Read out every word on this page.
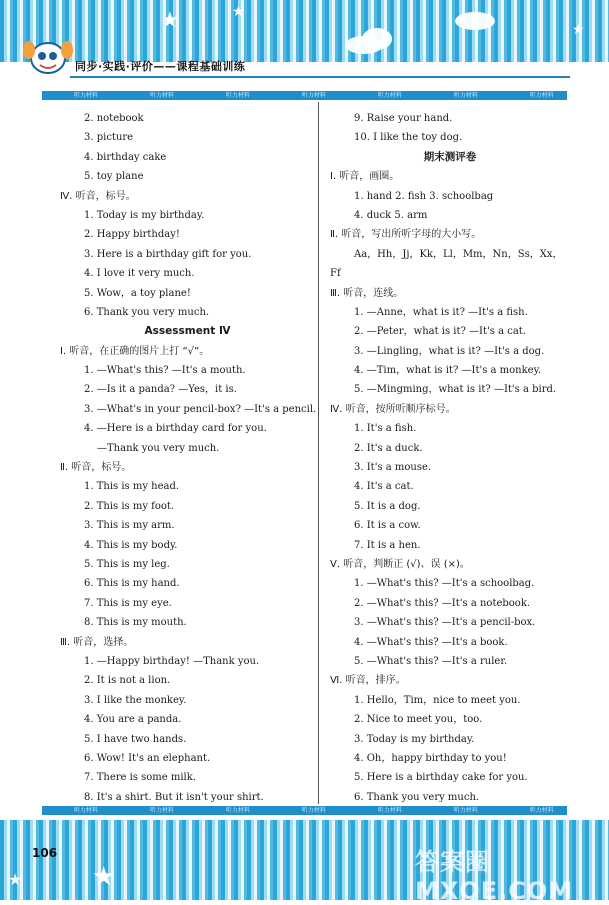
★	★
★
同步·实践·评价——课程基础训练
听力材料	听力材料	听力材料	听力材料	听力材料	听力材料	听力材料
2. notebook
3. picture
4. birthday cake
5. toy plane
Ⅳ. 听音，标号。
1. Today is my birthday.
2. Happy birthday!
3. Here is a birthday gift for you.
4. I love it very much.
5. Wow，a toy plane!
6. Thank you very much.
Assessment Ⅳ
Ⅰ. 听音，在正确的图片上打 “√”。
1. —What's this? —It's a mouth.
2. —Is it a panda? —Yes，it is.
3. —What's in your pencil-box? —It's a pencil.
4. —Here is a birthday card for you.
—Thank you very much.
Ⅱ. 听音，标号。
1. This is my head.
2. This is my foot.
3. This is my arm.
4. This is my body.
5. This is my leg.
6. This is my hand.
7. This is my eye.
8. This is my mouth.
Ⅲ. 听音，选择。
1. —Happy birthday! —Thank you.
2. It is not a lion.
3. I like the monkey.
4. You are a panda.
5. I have two hands.
6. Wow! It's an elephant.
7. There is some milk.
8. It's a shirt. But it isn't your shirt.
9. Raise your hand.
10. I like the toy dog.
期末测评卷
Ⅰ. 听音，画圈。
1. hand 2. fish 3. schoolbag
4. duck 5. arm
Ⅱ. 听音，写出所听字母的大小写。
Aa，Hh，Jj，Kk，Ll，Mm，Nn，Ss，Xx，
Ff
Ⅲ. 听音，连线。
1. —Anne，what is it? —It's a fish.
2. —Peter，what is it? —It's a cat.
3. —Lingling，what is it? —It's a dog.
4. —Tim，what is it? —It's a monkey.
5. —Mingming，what is it? —It's a bird.
Ⅳ. 听音，按所听顺序标号。
1. It's a fish.
2. It's a duck.
3. It's a mouse.
4. It's a cat.
5. It is a dog.
6. It is a cow.
7. It is a hen.
Ⅴ. 听音，判断正 (√)、误 (×)。
1. —What's this? —It's a schoolbag.
2. —What's this? —It's a notebook.
3. —What's this? —It's a pencil-box.
4. —What's this? —It's a book.
5. —What's this? —It's a ruler.
Ⅵ. 听音，排序。
1. Hello，Tim，nice to meet you.
2. Nice to meet you，too.
3. Today is my birthday.
4. Oh，happy birthday to you!
5. Here is a birthday cake for you.
6. Thank you very much.
听力材料	听力材料	听力材料	听力材料	听力材料	听力材料	听力材料
★
★
106	答案圈 MXQE.COM
